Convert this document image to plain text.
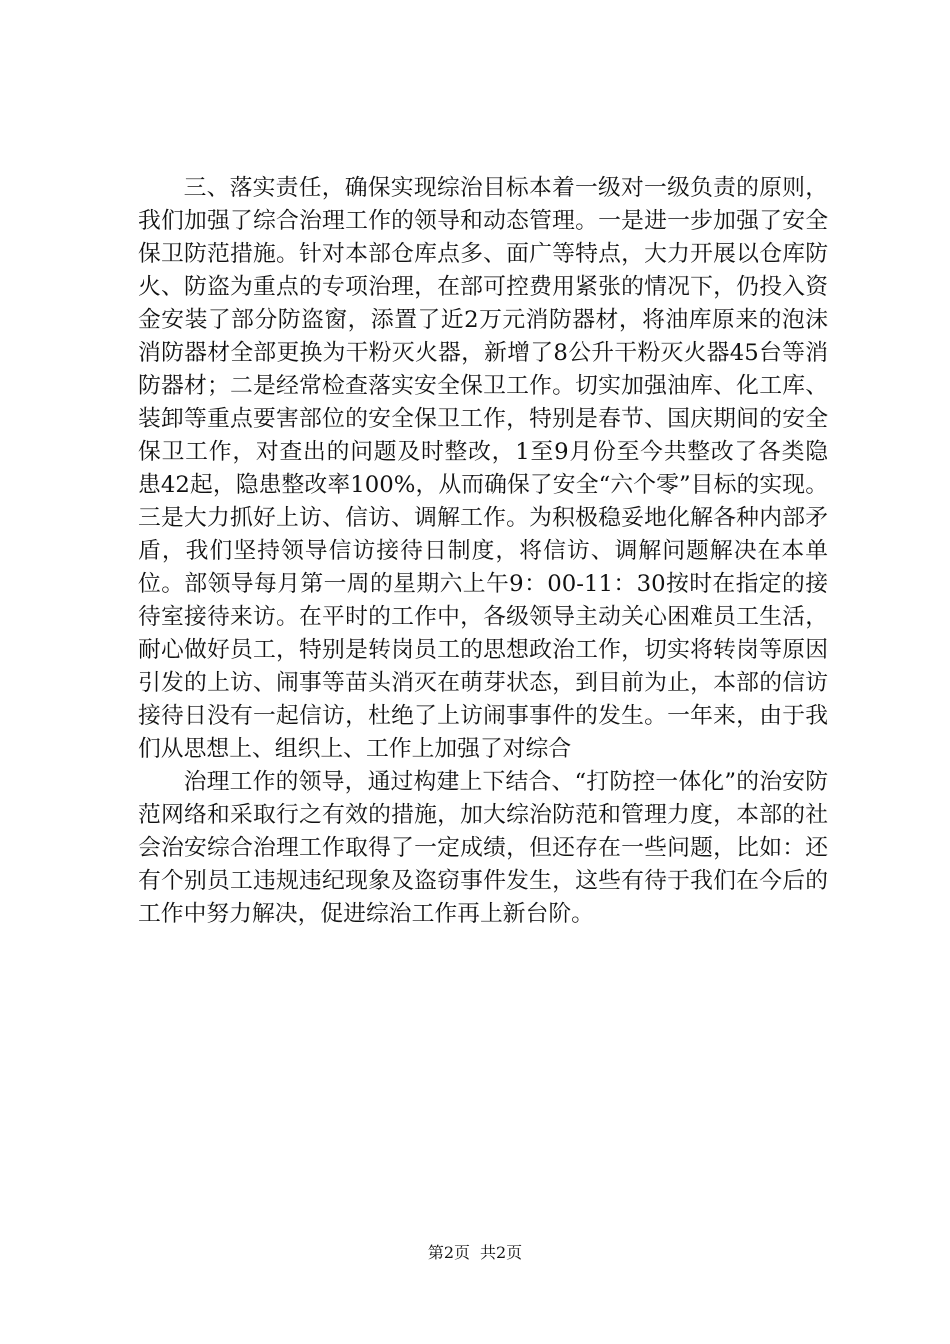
三、落实责任，确保实现综治目标本着一级对一级负责的原则，我们加强了综合治理工作的领导和动态管理。一是进一步加强了安全保卫防范措施。针对本部仓库点多、面广等特点，大力开展以仓库防火、防盗为重点的专项治理，在部可控费用紧张的情况下，仍投入资金安装了部分防盗窗，添置了近2万元消防器材，将油库原来的泡沫消防器材全部更换为干粉灭火器，新增了8公升干粉灭火器45台等消防器材；二是经常检查落实安全保卫工作。切实加强油库、化工库、装卸等重点要害部位的安全保卫工作，特别是春节、国庆期间的安全保卫工作，对查出的问题及时整改，1至9月份至今共整改了各类隐患42起，隐患整改率100%，从而确保了安全“六个零”目标的实现。三是大力抓好上访、信访、调解工作。为积极稳妥地化解各种内部矛盾，我们坚持领导信访接待日制度，将信访、调解问题解决在本单位。部领导每月第一周的星期六上午9：00-11：30按时在指定的接待室接待来访。在平时的工作中，各级领导主动关心困难员工生活，耐心做好员工，特别是转岗员工的思想政治工作，切实将转岗等原因引发的上访、闹事等苗头消灭在萌芽状态，到目前为止，本部的信访接待日没有一起信访，杜绝了上访闹事事件的发生。一年来，由于我们从思想上、组织上、工作上加强了对综合

治理工作的领导，通过构建上下结合、“打防控一体化”的治安防范网络和采取行之有效的措施，加大综治防范和管理力度，本部的社会治安综合治理工作取得了一定成绩，但还存在一些问题，比如：还有个别员工违规违纪现象及盗窃事件发生，这些有待于我们在今后的工作中努力解决，促进综治工作再上新台阶。

第2页 共2页
